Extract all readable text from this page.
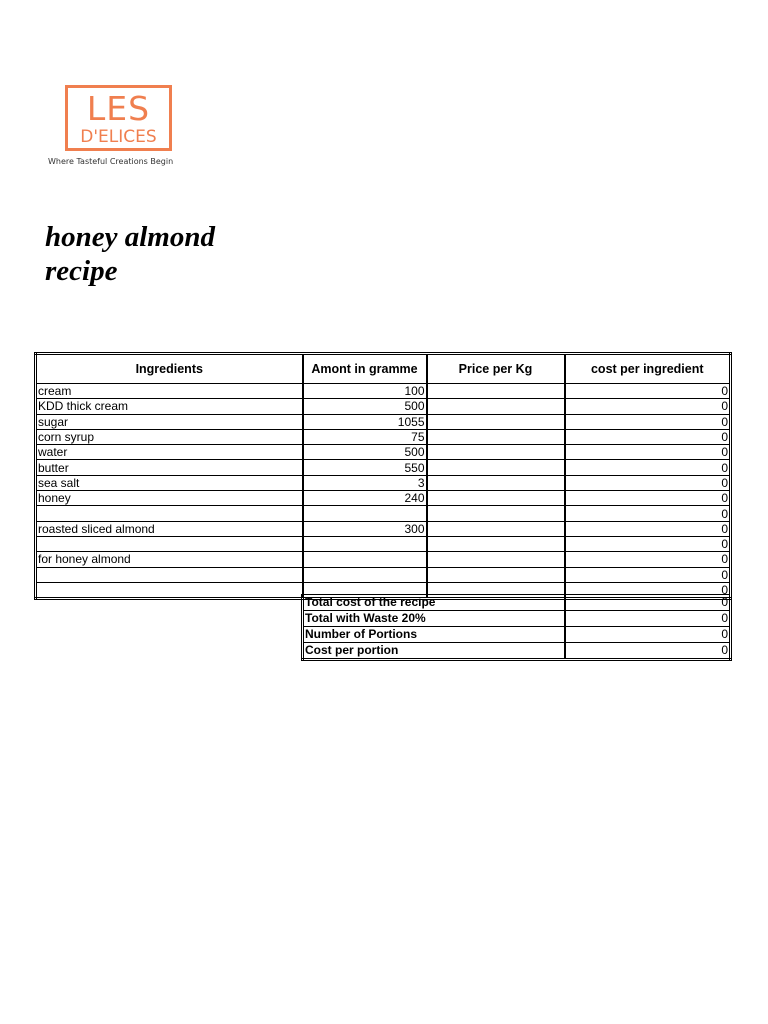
LES
D'ELICES
Where Tasteful Creations Begin
honey almond
recipe
Ingredients	Amont in gramme	Price per Kg	cost per ingredient
cream	100		0
KDD thick cream	500		0
sugar	1055		0
corn syrup	75		0
water	500		0
butter	550		0
sea salt	3		0
honey	240		0
			0
roasted sliced almond	300		0
			0
for honey almond			0
			0
			0
Total cost of the recipe	0
Total with Waste 20%	0
Number of Portions	0
Cost per portion	0
